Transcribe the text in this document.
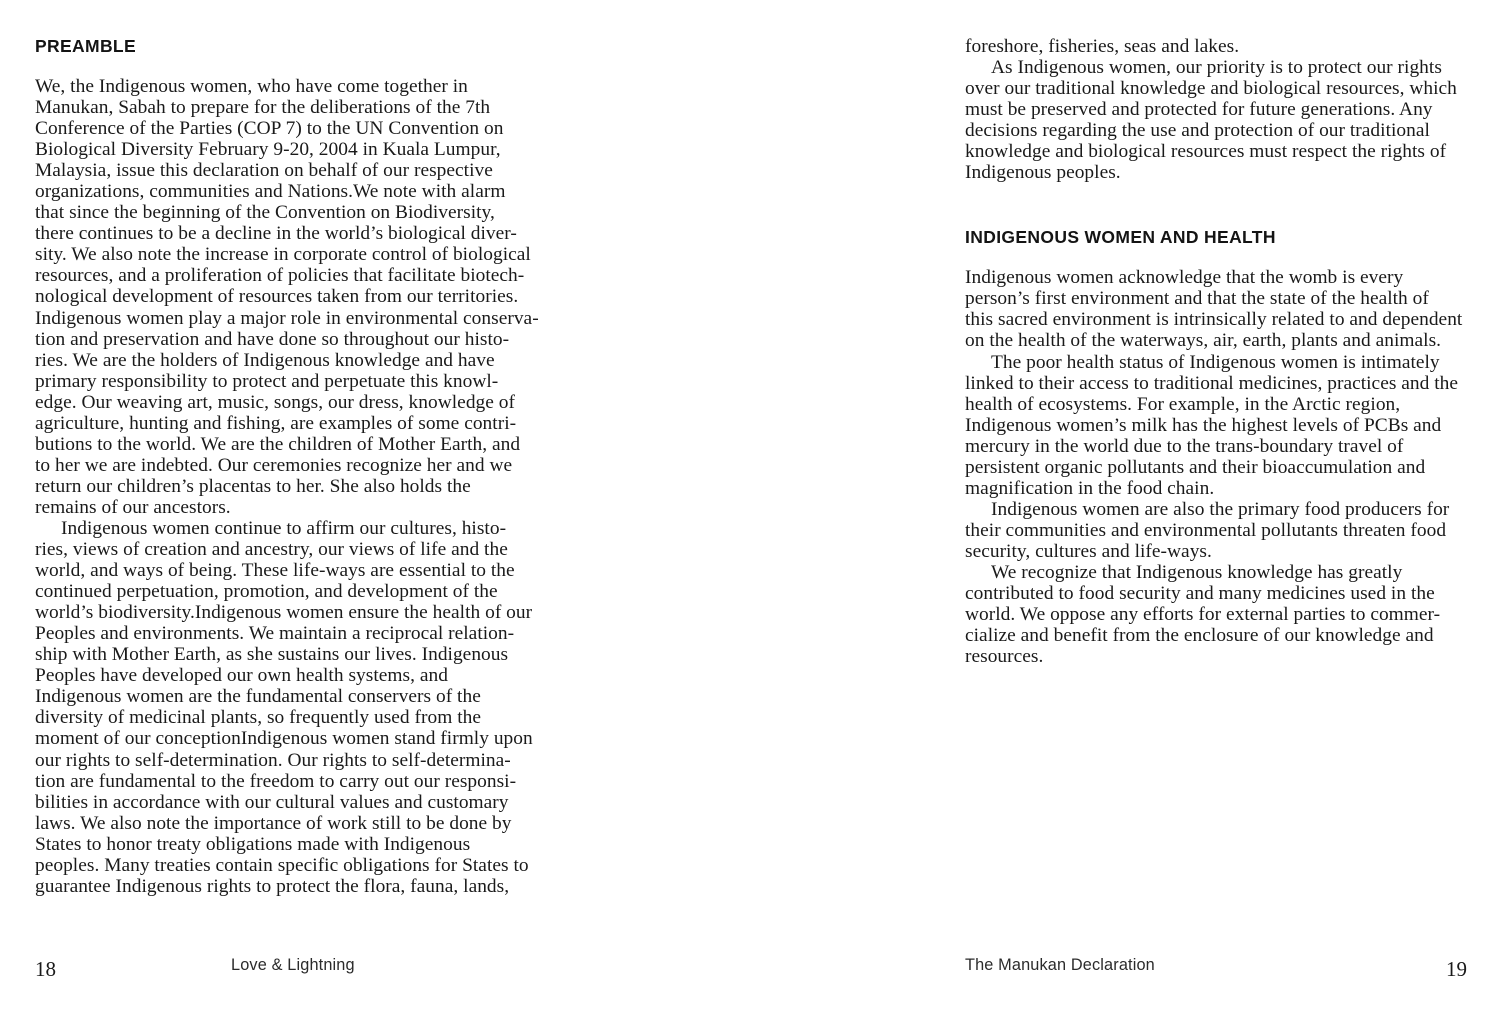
PREAMBLE

We, the Indigenous women, who have come together in
Manukan, Sabah to prepare for the deliberations of the 7th
Conference of the Parties (COP 7) to the UN Convention on
Biological Diversity February 9-20, 2004 in Kuala Lumpur,
Malaysia, issue this declaration on behalf of our respective
organizations, communities and Nations.We note with alarm
that since the beginning of the Convention on Biodiversity,
there continues to be a decline in the world’s biological diver-
sity. We also note the increase in corporate control of biological
resources, and a proliferation of policies that facilitate biotech-
nological development of resources taken from our territories.
Indigenous women play a major role in environmental conserva-
tion and preservation and have done so throughout our histo-
ries. We are the holders of Indigenous knowledge and have
primary responsibility to protect and perpetuate this knowl-
edge. Our weaving art, music, songs, our dress, knowledge of
agriculture, hunting and fishing, are examples of some contri-
butions to the world. We are the children of Mother Earth, and
to her we are indebted. Our ceremonies recognize her and we
return our children’s placentas to her. She also holds the
remains of our ancestors.

Indigenous women continue to affirm our cultures, histo-
ries, views of creation and ancestry, our views of life and the
world, and ways of being. These life-ways are essential to the
continued perpetuation, promotion, and development of the
world’s biodiversity.Indigenous women ensure the health of our
Peoples and environments. We maintain a reciprocal relation-
ship with Mother Earth, as she sustains our lives. Indigenous
Peoples have developed our own health systems, and
Indigenous women are the fundamental conservers of the
diversity of medicinal plants, so frequently used from the
moment of our conceptionIndigenous women stand firmly upon
our rights to self-determination. Our rights to self-determina-
tion are fundamental to the freedom to carry out our responsi-
bilities in accordance with our cultural values and customary
laws. We also note the importance of work still to be done by
States to honor treaty obligations made with Indigenous
peoples. Many treaties contain specific obligations for States to
guarantee Indigenous rights to protect the flora, fauna, lands,

18	Love & Lightning

foreshore, fisheries, seas and lakes.

As Indigenous women, our priority is to protect our rights
over our traditional knowledge and biological resources, which
must be preserved and protected for future generations. Any
decisions regarding the use and protection of our traditional
knowledge and biological resources must respect the rights of
Indigenous peoples.

INDIGENOUS WOMEN AND HEALTH

Indigenous women acknowledge that the womb is every
person’s first environment and that the state of the health of
this sacred environment is intrinsically related to and dependent
on the health of the waterways, air, earth, plants and animals.

The poor health status of Indigenous women is intimately
linked to their access to traditional medicines, practices and the
health of ecosystems. For example, in the Arctic region,
Indigenous women’s milk has the highest levels of PCBs and
mercury in the world due to the trans-boundary travel of
persistent organic pollutants and their bioaccumulation and
magnification in the food chain.

Indigenous women are also the primary food producers for
their communities and environmental pollutants threaten food
security, cultures and life-ways.

We recognize that Indigenous knowledge has greatly
contributed to food security and many medicines used in the
world. We oppose any efforts for external parties to commer-
cialize and benefit from the enclosure of our knowledge and
resources.

The Manukan Declaration	19
